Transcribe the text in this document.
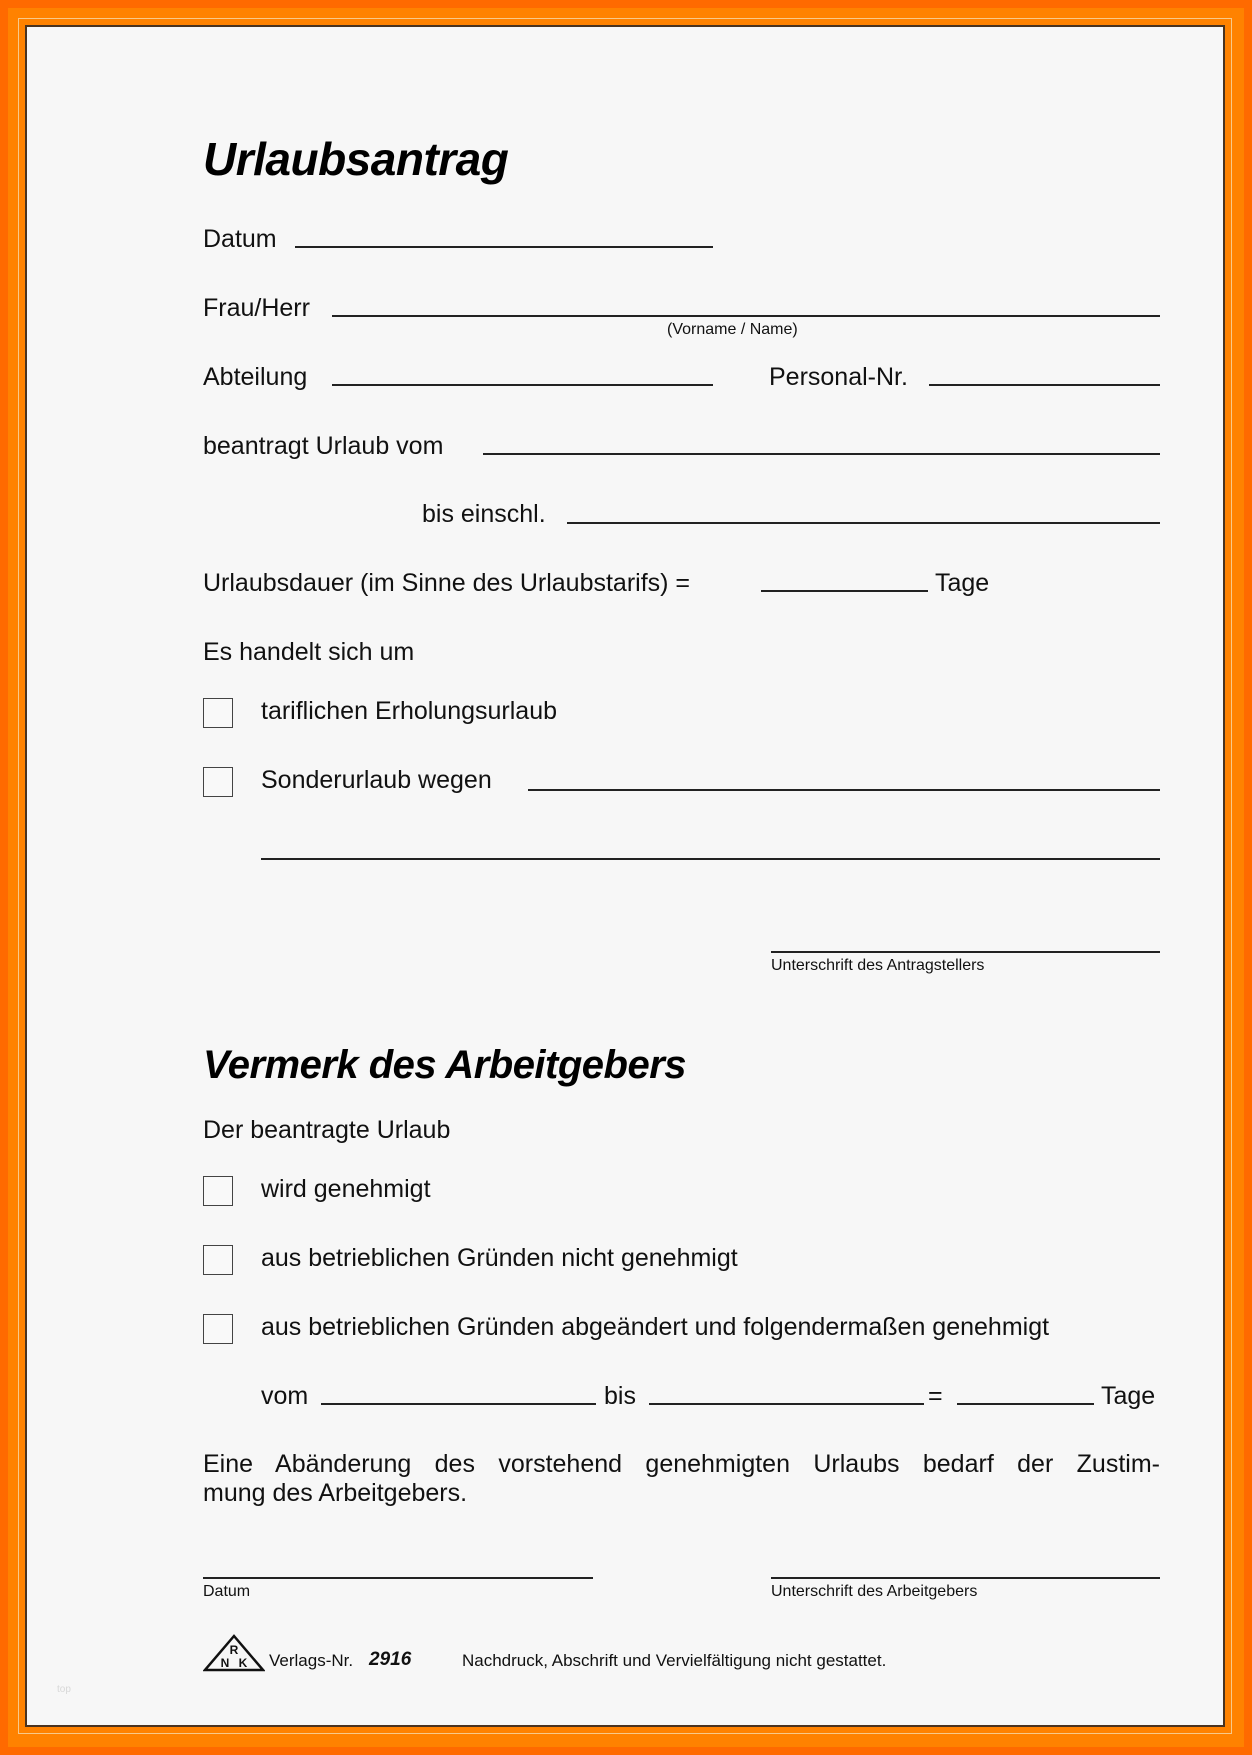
Urlaubsantrag
Datum
Frau/Herr
(Vorname / Name)
Abteilung	Personal-Nr.
beantragt Urlaub vom
bis einschl.
Urlaubsdauer (im Sinne des Urlaubstarifs) =	Tage
Es handelt sich um
tariflichen Erholungsurlaub
Sonderurlaub wegen
Unterschrift des Antragstellers
Vermerk des Arbeitgebers
Der beantragte Urlaub
wird genehmigt
aus betrieblichen Gründen nicht genehmigt
aus betrieblichen Gründen abgeändert und folgendermaßen genehmigt
vom	bis	=	Tage
Eine Abänderung des vorstehend genehmigten Urlaubs bedarf der Zustim-
mung des Arbeitgebers.
Datum	Unterschrift des Arbeitgebers
R
N K Verlags-Nr. 2916	Nachdruck, Abschrift und Vervielfältigung nicht gestattet.
top
